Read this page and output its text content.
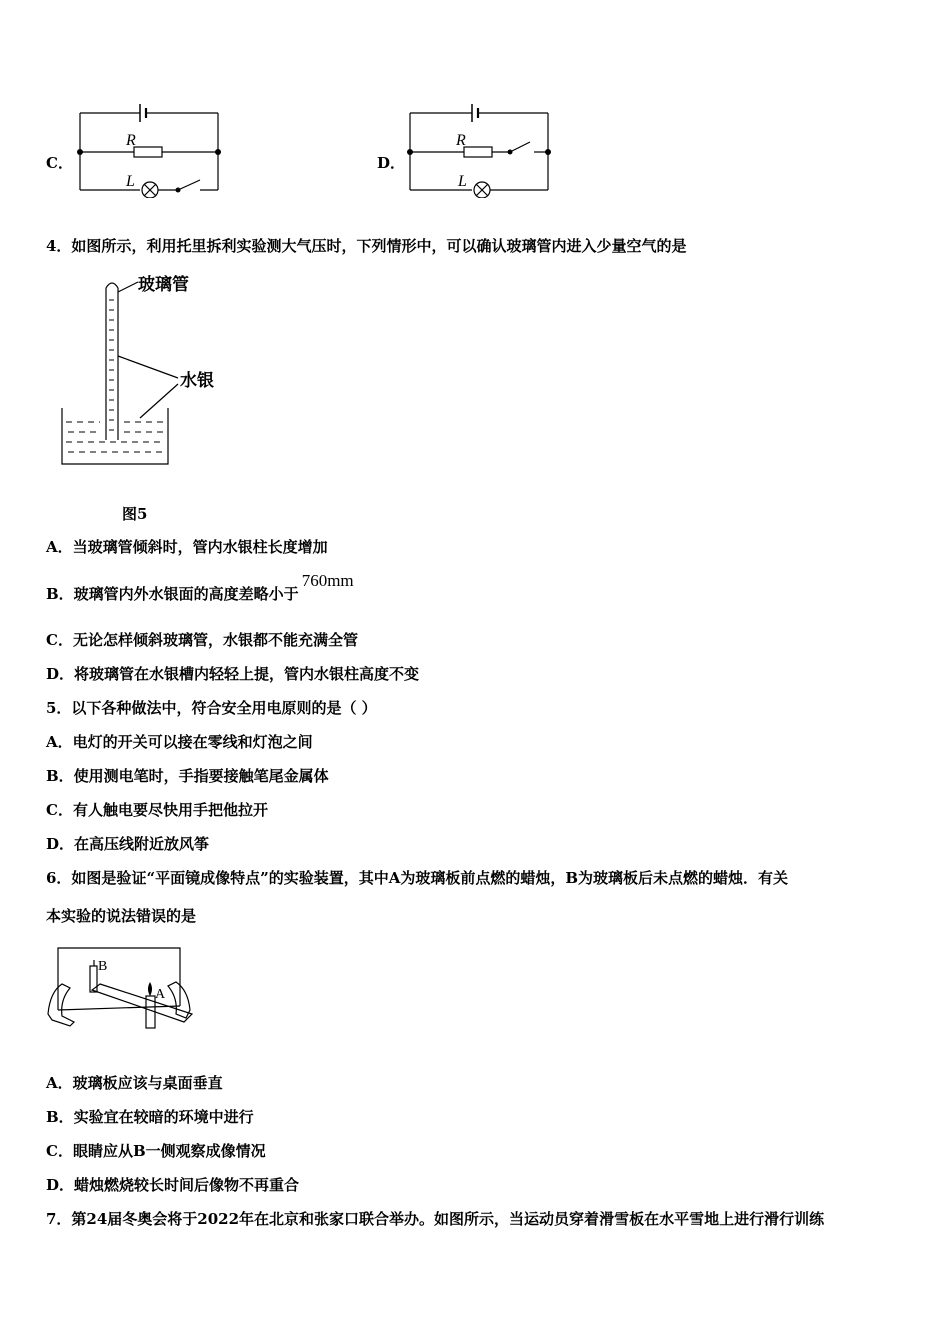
C．
R
L
D．
R
L
4．如图所示，利用托里拆利实验测大气压时，下列情形中，可以确认玻璃管内进入少量空气的是
玻璃管
水银
图5
A．当玻璃管倾斜时，管内水银柱长度增加
B．玻璃管内外水银面的高度差略小于760mm
C．无论怎样倾斜玻璃管，水银都不能充满全管
D．将玻璃管在水银槽内轻轻上提，管内水银柱高度不变
5．以下各种做法中，符合安全用电原则的是（ ）
A．电灯的开关可以接在零线和灯泡之间
B．使用测电笔时，手指要接触笔尾金属体
C．有人触电要尽快用手把他拉开
D．在高压线附近放风筝
6．如图是验证“平面镜成像特点”的实验装置，其中A为玻璃板前点燃的蜡烛，B为玻璃板后未点燃的蜡烛．有关
本实验的说法错误的是
B
A
A．玻璃板应该与桌面垂直
B．实验宜在较暗的环境中进行
C．眼睛应从B一侧观察成像情况
D．蜡烛燃烧较长时间后像物不再重合
7．第24届冬奥会将于2022年在北京和张家口联合举办。如图所示，当运动员穿着滑雪板在水平雪地上进行滑行训练
